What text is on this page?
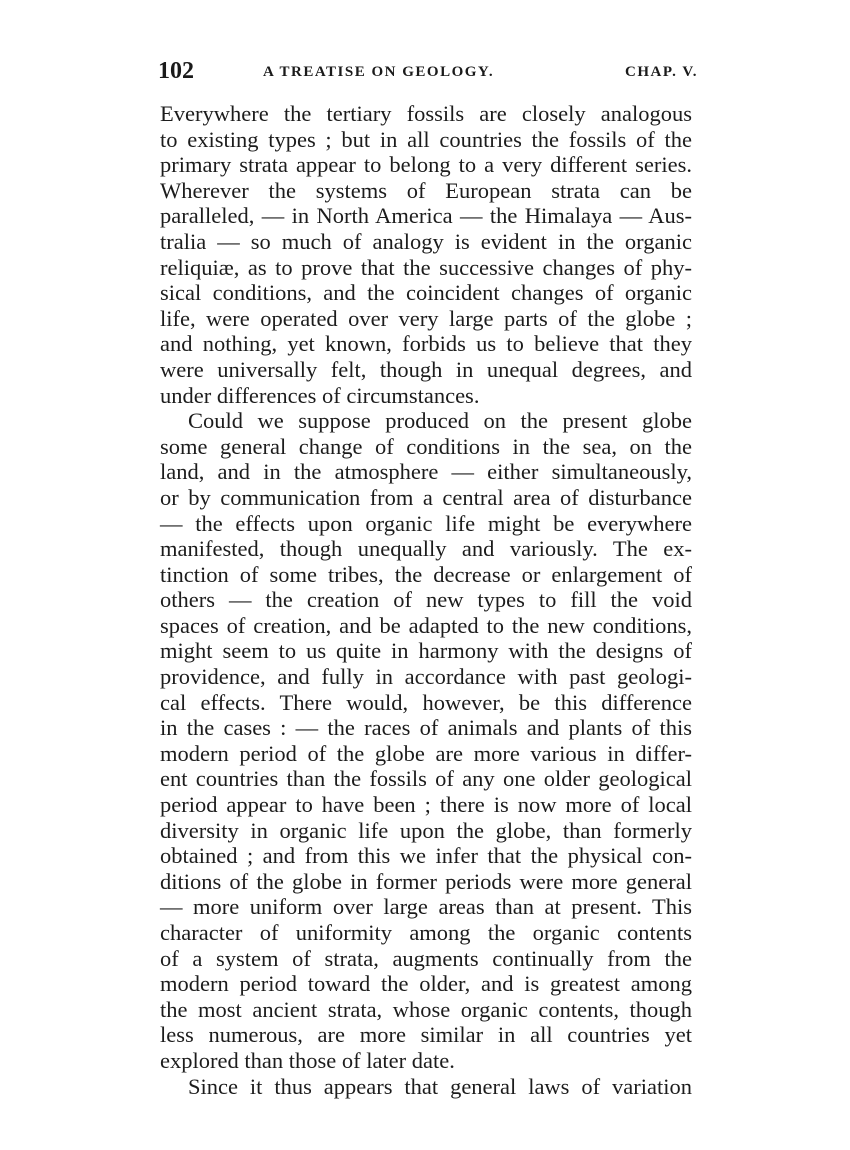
102	A TREATISE ON GEOLOGY.	CHAP. V.
Everywhere the tertiary fossils are closely analogous
to existing types ; but in all countries the fossils of the
primary strata appear to belong to a very different series.
Wherever the systems of European strata can be
paralleled, — in North America — the Himalaya — Aus-
tralia — so much of analogy is evident in the organic
reliquiæ, as to prove that the successive changes of phy-
sical conditions, and the coincident changes of organic
life, were operated over very large parts of the globe ;
and nothing, yet known, forbids us to believe that they
were universally felt, though in unequal degrees, and
under differences of circumstances.
Could we suppose produced on the present globe
some general change of conditions in the sea, on the
land, and in the atmosphere — either simultaneously,
or by communication from a central area of disturbance
— the effects upon organic life might be everywhere
manifested, though unequally and variously. The ex-
tinction of some tribes, the decrease or enlargement of
others — the creation of new types to fill the void
spaces of creation, and be adapted to the new conditions,
might seem to us quite in harmony with the designs of
providence, and fully in accordance with past geologi-
cal effects. There would, however, be this difference
in the cases : — the races of animals and plants of this
modern period of the globe are more various in differ-
ent countries than the fossils of any one older geological
period appear to have been ; there is now more of local
diversity in organic life upon the globe, than formerly
obtained ; and from this we infer that the physical con-
ditions of the globe in former periods were more general
— more uniform over large areas than at present. This
character of uniformity among the organic contents
of a system of strata, augments continually from the
modern period toward the older, and is greatest among
the most ancient strata, whose organic contents, though
less numerous, are more similar in all countries yet
explored than those of later date.
Since it thus appears that general laws of variation
